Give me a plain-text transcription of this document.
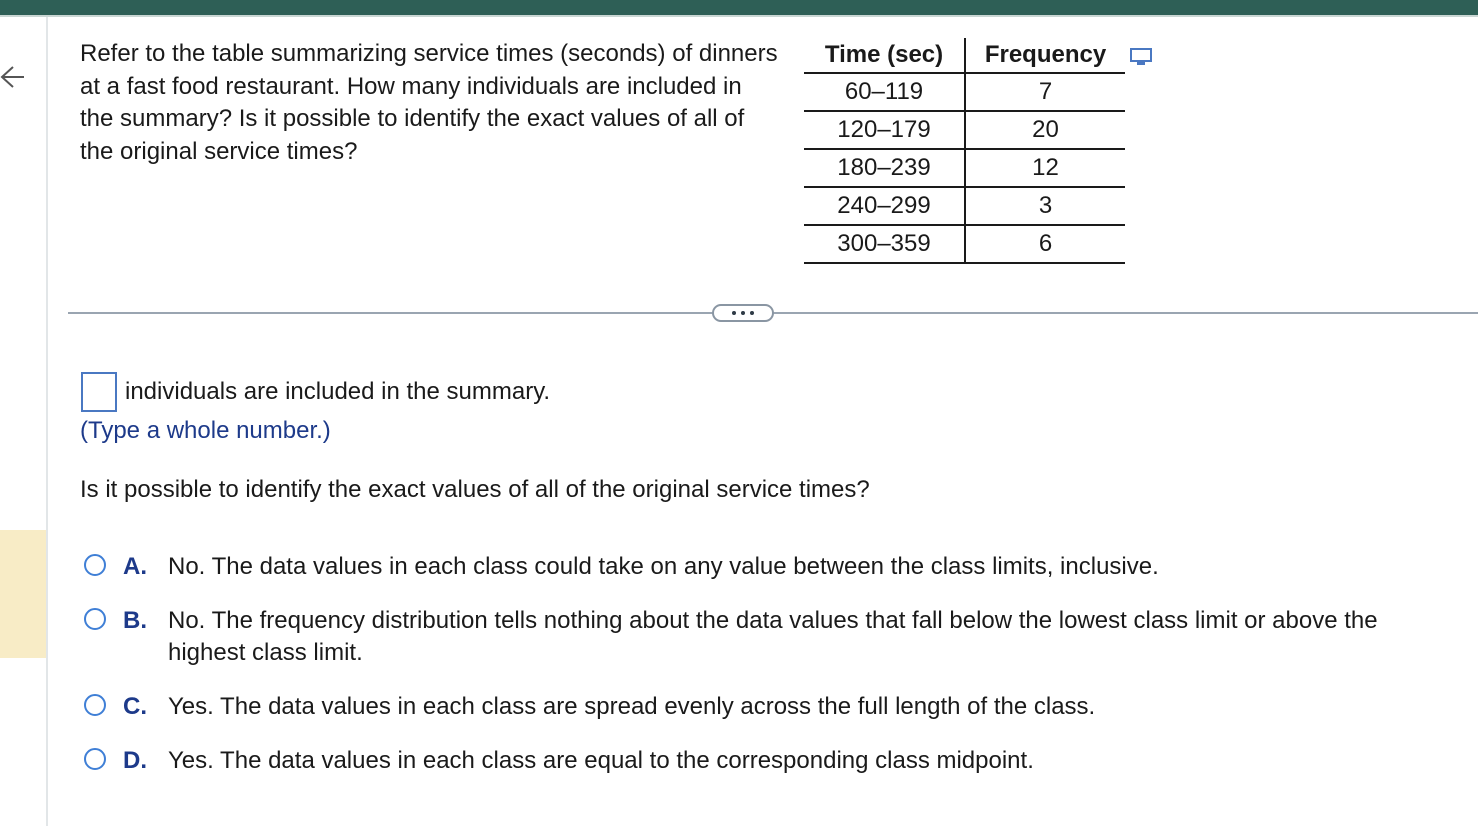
Refer to the table summarizing service times (seconds) of dinners at a fast food restaurant. How many individuals are included in the summary? Is it possible to identify the exact values of all of the original service times?
Time (sec)	Frequency
60–119	7
120–179	20
180–239	12
240–299	3
300–359	6
individuals are included in the summary.
(Type a whole number.)
Is it possible to identify the exact values of all of the original service times?
A. No. The data values in each class could take on any value between the class limits, inclusive.
B. No. The frequency distribution tells nothing about the data values that fall below the lowest class limit or above the highest class limit.
C. Yes. The data values in each class are spread evenly across the full length of the class.
D. Yes. The data values in each class are equal to the corresponding class midpoint.
